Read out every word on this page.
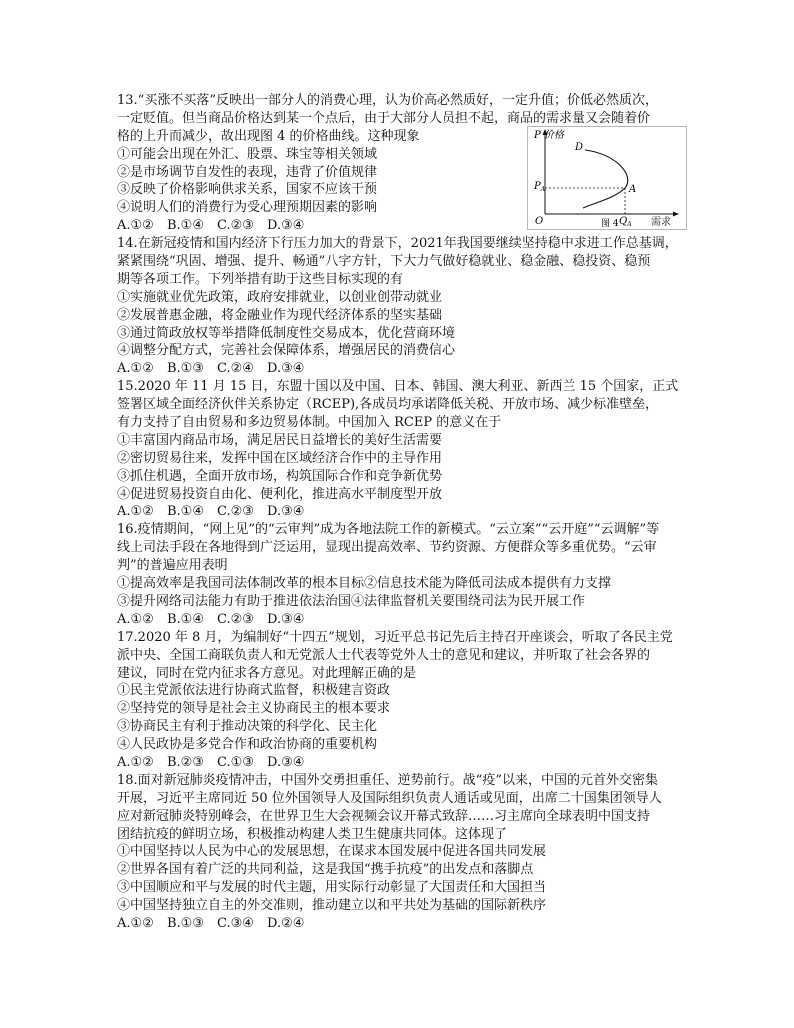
13.“买涨不买落”反映出一部分人的消费心理，认为价高必然质好，一定升值；价低必然质次，
一定贬值。但当商品价格达到某一个点后，由于大部分人员担不起，商品的需求量又会随着价
格的上升而减少，故出现图 4 的价格曲线。这种现象
①可能会出现在外汇、股票、珠宝等相关领域
②是市场调节自发性的表现，违背了价值规律
③反映了价格影响供求关系，国家不应该干预
④说明人们的消费行为受心理预期因素的影响
A.①② B.①④ C.②③ D.③④
P 价格
O	需求
D
A
$P_A$
$Q_A$
图 4
14.在新冠疫情和国内经济下行压力加大的背景下，2021年我国要继续坚持稳中求进工作总基调，
紧紧围绕“巩固、增强、提升、畅通”八字方针，下大力气做好稳就业、稳金融、稳投资、稳预
期等各项工作。下列举措有助于这些目标实现的有
①实施就业优先政策，政府安排就业，以创业创带动就业
②发展普惠金融，将金融业作为现代经济体系的坚实基础
③通过简政放权等举措降低制度性交易成本，优化营商环境
④调整分配方式，完善社会保障体系，增强居民的消费信心
A.①② B.①③ C.②④ D.③④
15.2020 年 11 月 15 日，东盟十国以及中国、日本、韩国、澳大利亚、新西兰 15 个国家，正式
签署区域全面经济伙伴关系协定（RCEP),各成员均承诺降低关税、开放市场、减少标准壁垒，
有力支持了自由贸易和多边贸易体制。中国加入 RCEP 的意义在于
①丰富国内商品市场，满足居民日益增长的美好生活需要
②密切贸易往来，发挥中国在区域经济合作中的主导作用
③抓住机遇，全面开放市场，构筑国际合作和竞争新优势
④促进贸易投资自由化、便利化，推进高水平制度型开放
A.①② B.①④ C.②③ D.③④
16.疫情期间，“网上见”的“云审判”成为各地法院工作的新模式。“云立案”“云开庭”“云调解”等
线上司法手段在各地得到广泛运用，显现出提高效率、节约资源、方便群众等多重优势。“云审
判”的普遍应用表明
①提高效率是我国司法体制改革的根本目标②信息技术能为降低司法成本提供有力支撑
③提升网络司法能力有助于推进依法治国④法律监督机关要围绕司法为民开展工作
A.①② B.①④ C.②③ D.③④
17.2020 年 8 月，为编制好“十四五”规划，习近平总书记先后主持召开座谈会，听取了各民主党
派中央、全国工商联负责人和无党派人士代表等党外人士的意见和建议，并听取了社会各界的
建议，同时在党内征求各方意见。对此理解正确的是
①民主党派依法进行协商式监督，积极建言资政
②坚持党的领导是社会主义协商民主的根本要求
③协商民主有利于推动决策的科学化、民主化
④人民政协是多党合作和政治协商的重要机构
A.①② B.②③ C.①③ D.③④
18.面对新冠肺炎疫情冲击，中国外交勇担重任、逆势前行。战“疫”以来，中国的元首外交密集
开展，习近平主席同近 50 位外国领导人及国际组织负责人通话或见面，出席二十国集团领导人
应对新冠肺炎特别峰会，在世界卫生大会视频会议开幕式致辞……习主席向全球表明中国支持
团结抗疫的鲜明立场，积极推动构建人类卫生健康共同体。这体现了
①中国坚持以人民为中心的发展思想，在谋求本国发展中促进各国共同发展
②世界各国有着广泛的共同利益，这是我国“携手抗疫”的出发点和落脚点
③中国顺应和平与发展的时代主题，用实际行动彰显了大国责任和大国担当
④中国坚持独立自主的外交准则，推动建立以和平共处为基础的国际新秩序
A.①② B.①③ C.③④ D.②④
